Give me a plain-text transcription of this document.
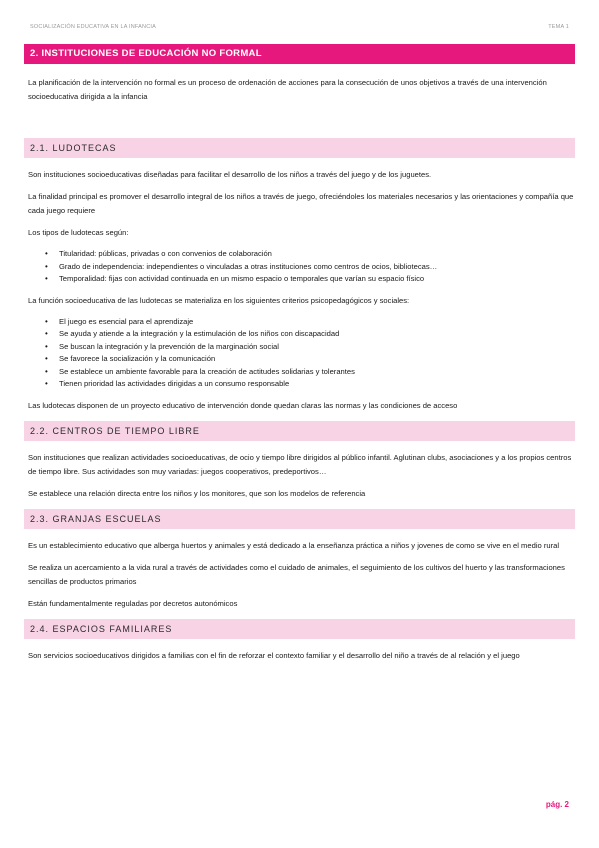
SOCIALIZACIÓN EDUCATIVA EN LA INFANCIA	TEMA 1
2. INSTITUCIONES DE EDUCACIÓN NO FORMAL

La planificación de la intervención no formal es un proceso de ordenación de acciones para la consecución de unos objetivos a través de una intervención socioeducativa dirigida a la infancia

2.1. LUDOTECAS

Son instituciones socioeducativas diseñadas para facilitar el desarrollo de los niños a través del juego y de los juguetes.

La finalidad principal es promover el desarrollo integral de los niños a través de juego, ofreciéndoles los materiales necesarios y las orientaciones y compañía que cada juego requiere

Los tipos de ludotecas según:

• Titularidad: públicas, privadas o con convenios de colaboración
• Grado de independencia: independientes o vinculadas a otras instituciones como centros de ocios, bibliotecas…
• Temporalidad: fijas con actividad continuada en un mismo espacio o temporales que varían su espacio físico

La función socioeducativa de las ludotecas se materializa en los siguientes criterios psicopedagógicos y sociales:

• El juego es esencial para el aprendizaje
• Se ayuda y atiende a la integración y la estimulación de los niños con discapacidad
• Se buscan la integración y la prevención de la marginación social
• Se favorece la socialización y la comunicación
• Se establece un ambiente favorable para la creación de actitudes solidarias y tolerantes
• Tienen prioridad las actividades dirigidas a un consumo responsable

Las ludotecas disponen de un proyecto educativo de intervención donde quedan claras las normas y las condiciones de acceso

2.2. CENTROS DE TIEMPO LIBRE

Son instituciones que realizan actividades socioeducativas, de ocio y tiempo libre dirigidos al público infantil. Aglutinan clubs, asociaciones y a los propios centros de tiempo libre. Sus actividades son muy variadas: juegos cooperativos, predeportivos…

Se establece una relación directa entre los niños y los monitores, que son los modelos de referencia

2.3. GRANJAS ESCUELAS

Es un establecimiento educativo que alberga huertos y animales y está dedicado a la enseñanza práctica a niños y jovenes de como se vive en el medio rural

Se realiza un acercamiento a la vida rural a través de actividades como el cuidado de animales, el seguimiento de los cultivos del huerto y las transformaciones sencillas de productos primarios

Están fundamentalmente reguladas por decretos autonómicos

2.4. ESPACIOS FAMILIARES

Son servicios socioeducativos dirigidos a familias con el fin de reforzar el contexto familiar y el desarrollo del niño a través de al relación y el juego

pág. 2
